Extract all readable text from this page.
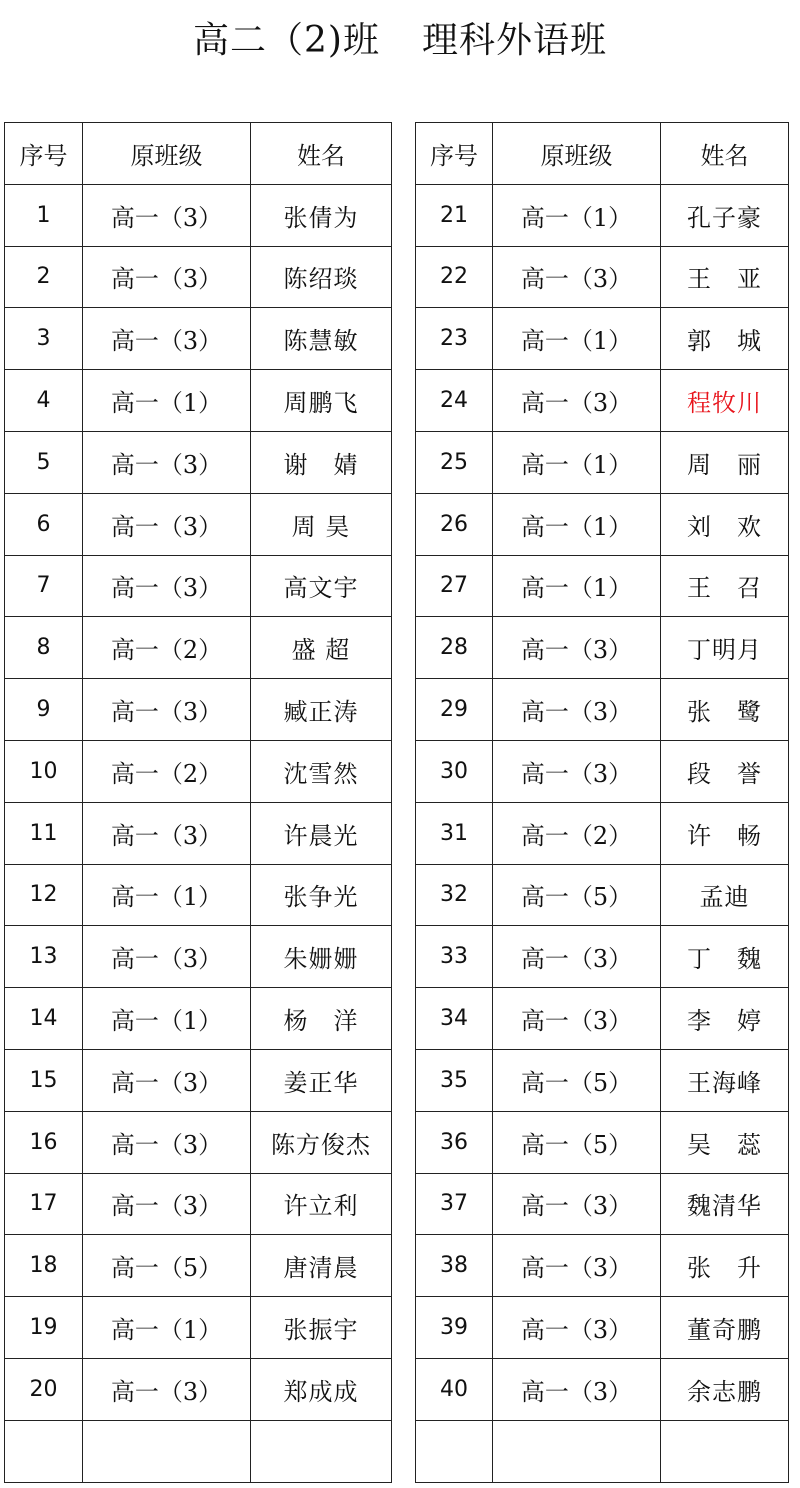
高二（2)班 理科外语班
序号	原班级	姓名
1	高一（3）	张倩为
2	高一（3）	陈绍琰
3	高一（3）	陈慧敏
4	高一（1）	周鹏飞
5	高一（3）	谢　婧
6	高一（3）	周 昊
7	高一（3）	高文宇
8	高一（2）	盛 超
9	高一（3）	臧正涛
10	高一（2）	沈雪然
11	高一（3）	许晨光
12	高一（1）	张争光
13	高一（3）	朱姗姗
14	高一（1）	杨　洋
15	高一（3）	姜正华
16	高一（3）	陈方俊杰
17	高一（3）	许立利
18	高一（5）	唐清晨
19	高一（1）	张振宇
20	高一（3）	郑成成

序号	原班级	姓名
21	高一（1）	孔子豪
22	高一（3）	王　亚
23	高一（1）	郭　城
24	高一（3）	程牧川
25	高一（1）	周　丽
26	高一（1）	刘　欢
27	高一（1）	王　召
28	高一（3）	丁明月
29	高一（3）	张　鹭
30	高一（3）	段　誉
31	高一（2）	许　畅
32	高一（5）	孟迪
33	高一（3）	丁　魏
34	高一（3）	李　婷
35	高一（5）	王海峰
36	高一（5）	吴　蕊
37	高一（3）	魏清华
38	高一（3）	张　升
39	高一（3）	董奇鹏
40	高一（3）	余志鹏
